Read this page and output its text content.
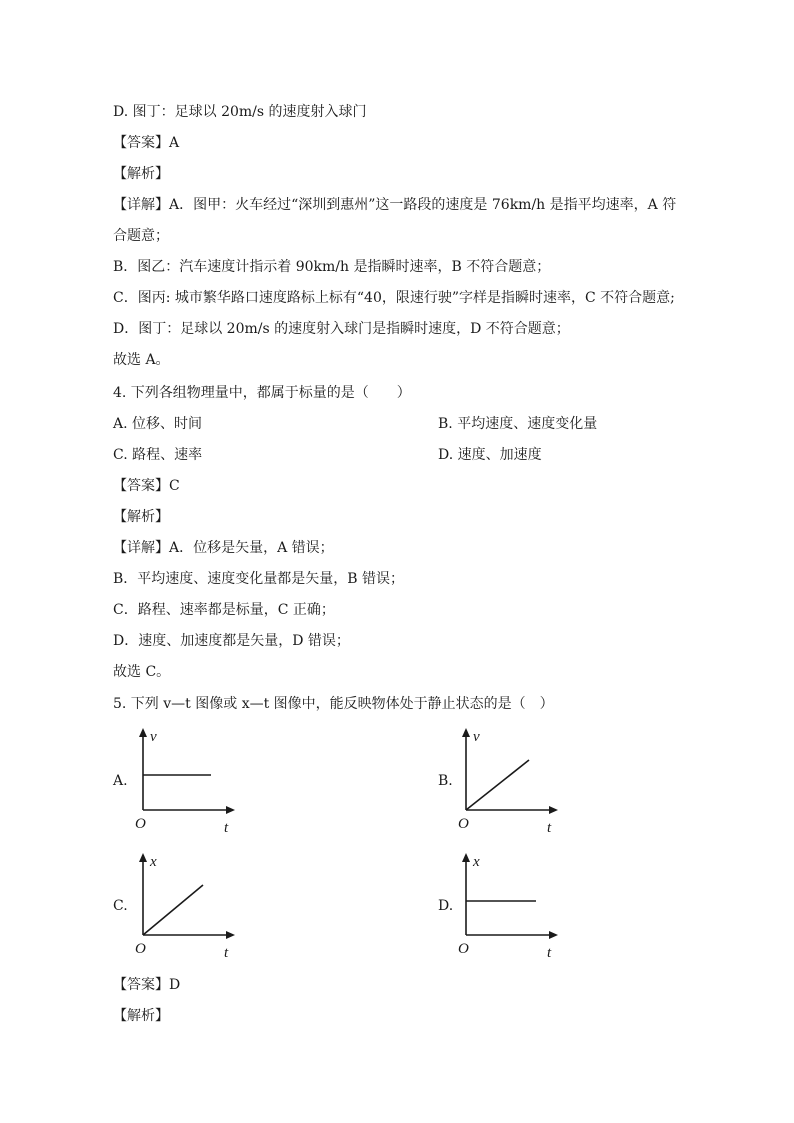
D. 图丁：足球以 20m/s 的速度射入球门
【答案】A
【解析】
【详解】A．图甲：火车经过“深圳到惠州”这一路段的速度是 76km/h 是指平均速率，A 符
合题意；
B．图乙：汽车速度计指示着 90km/h 是指瞬时速率，B 不符合题意；
C．图丙: 城市繁华路口速度路标上标有“40，限速行驶”字样是指瞬时速率，C 不符合题意;
D．图丁：足球以 20m/s 的速度射入球门是指瞬时速度，D 不符合题意；
故选 A。
4. 下列各组物理量中，都属于标量的是（　　）
A. 位移、时间	B. 平均速度、速度变化量
C. 路程、速率	D. 速度、加速度
【答案】C
【解析】
【详解】A．位移是矢量，A 错误；
B．平均速度、速度变化量都是矢量，B 错误；
C．路程、速率都是标量，C 正确；
D．速度、加速度都是矢量，D 错误；
故选 C。
5. 下列 v—t 图像或 x—t 图像中，能反映物体处于静止状态的是（　）
A.
v
O	t
B.
v
O	t
C.
x
O	t
D.
x
O	t
【答案】D
【解析】
